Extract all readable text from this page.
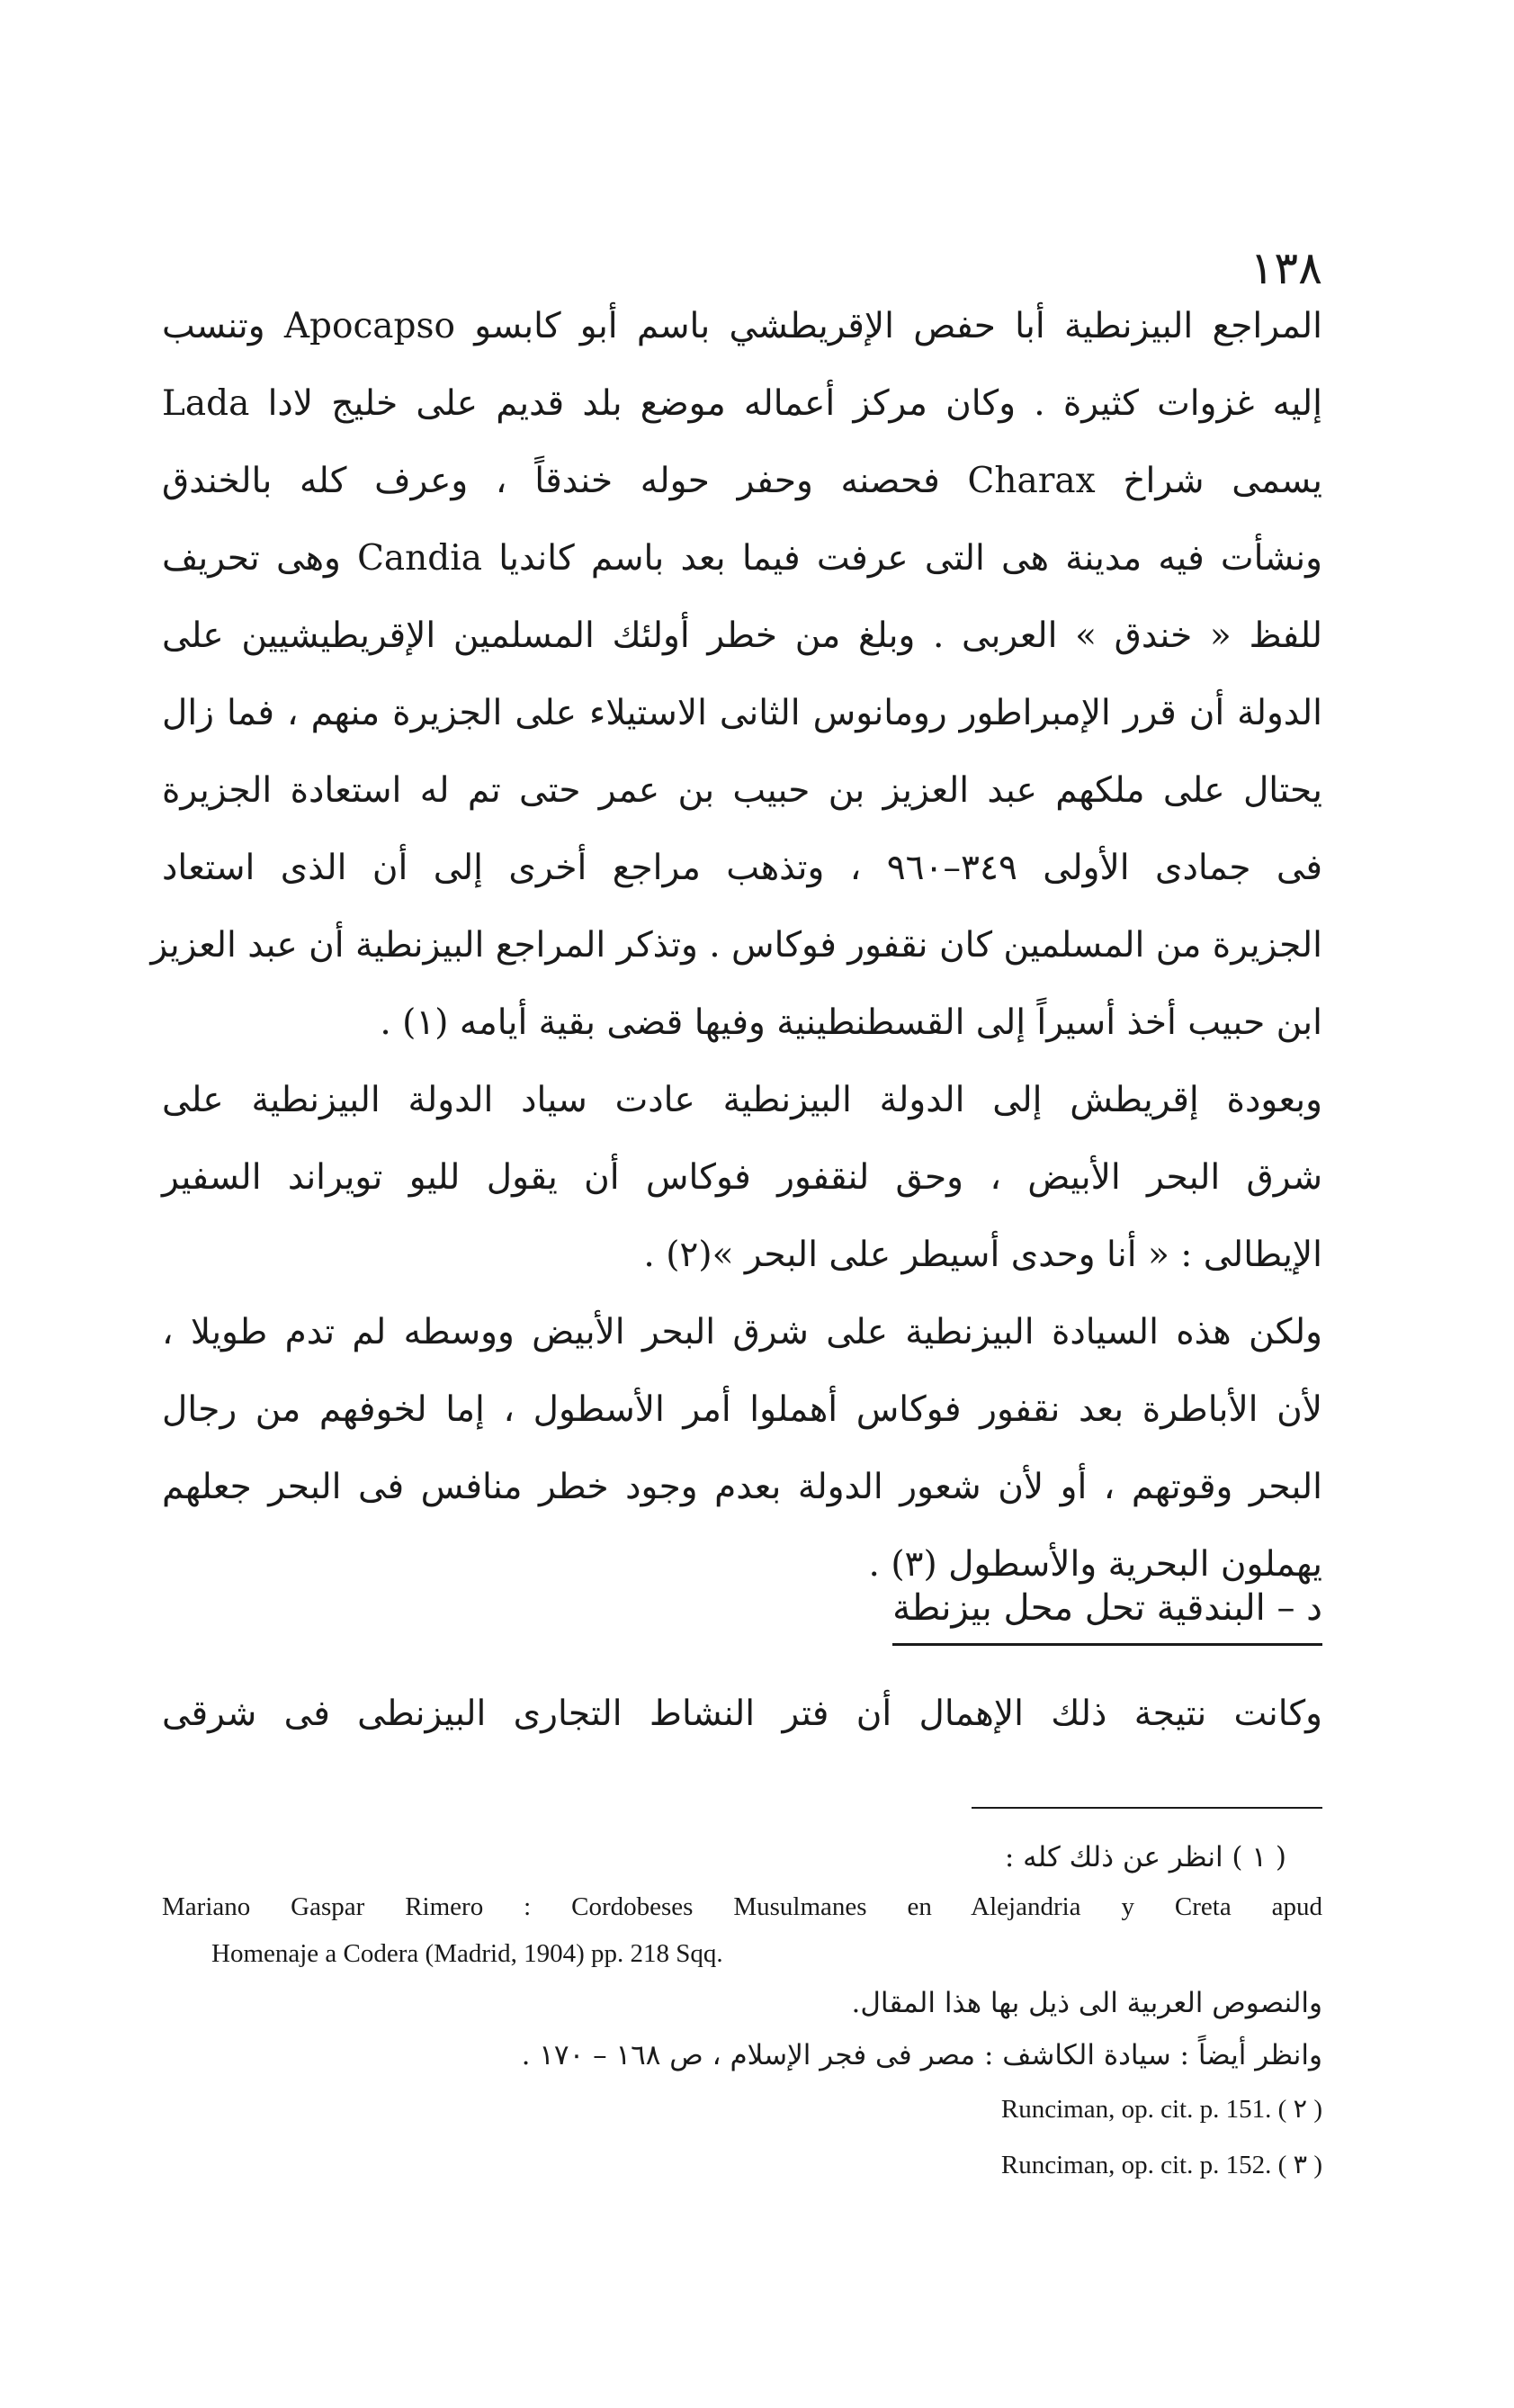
١٣٨
المراجع البيزنطية أبا حفص الإقريطشي باسم أبو كابسو Apocapso وتنسب
إليه غزوات كثيرة . وكان مركز أعماله موضع بلد قديم على خليج لادا Lada
يسمى شراخ Charax فحصنه وحفر حوله خندقاً ، وعرف كله بالخندق
ونشأت فيه مدينة هى التى عرفت فيما بعد باسم كانديا Candia وهى تحريف
للفظ « خندق » العربى . وبلغ من خطر أولئك المسلمين الإقريطيشيين على
الدولة أن قرر الإمبراطور رومانوس الثانى الاستيلاء على الجزيرة منهم ، فما زال
يحتال على ملكهم عبد العزيز بن حبيب بن عمر حتى تم له استعادة الجزيرة
فى جمادى الأولى ٣٤٩–٩٦٠ ، وتذهب مراجع أخرى إلى أن الذى استعاد
الجزيرة من المسلمين كان نقفور فوكاس . وتذكر المراجع البيزنطية أن عبد العزيز
ابن حبيب أخذ أسيراً إلى القسطنطينية وفيها قضى بقية أيامه (١) .
وبعودة إقريطش إلى الدولة البيزنطية عادت سياد الدولة البيزنطية على
شرق البحر الأبيض ، وحق لنقفور فوكاس أن يقول لليو تويراند السفير
الإيطالى : « أنا وحدى أسيطر على البحر »(٢) .
ولكن هذه السيادة البيزنطية على شرق البحر الأبيض ووسطه لم تدم طويلا ،
لأن الأباطرة بعد نقفور فوكاس أهملوا أمر الأسطول ، إما لخوفهم من رجال
البحر وقوتهم ، أو لأن شعور الدولة بعدم وجود خطر منافس فى البحر جعلهم
يهملون البحرية والأسطول (٣) .
د – البندقية تحل محل بيزنطة
وكانت نتيجة ذلك الإهمال أن فتر النشاط التجارى البيزنطى فى شرقى
( ١ ) انظر عن ذلك كله :
Mariano Gaspar Rimero : Cordobeses Musulmanes en Alejandria y Creta apud
Homenaje a Codera (Madrid, 1904) pp. 218 Sqq.
والنصوص العربية الى ذيل بها هذا المقال.
وانظر أيضاً : سيادة الكاشف : مصر فى فجر الإسلام ، ص ١٦٨ – ١٧٠ .
Runciman, op. cit. p. 151. ( ٢ )
Runciman, op. cit. p. 152. ( ٣ )
